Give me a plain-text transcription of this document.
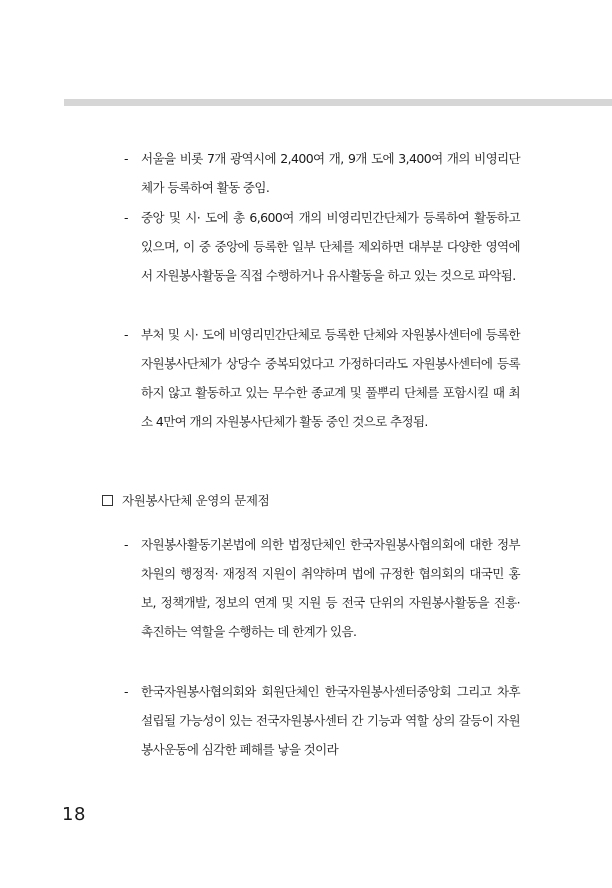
- 서울을 비롯 7개 광역시에 2,400여 개, 9개 도에 3,400여 개의 비영리단체가 등록하여 활동 중임.
- 중앙 및 시· 도에 총 6,600여 개의 비영리민간단체가 등록하여 활동하고 있으며, 이 중 중앙에 등록한 일부 단체를 제외하면 대부분 다양한 영역에서 자원봉사활동을 직접 수행하거나 유사활동을 하고 있는 것으로 파악됨.
- 부처 및 시· 도에 비영리민간단체로 등록한 단체와 자원봉사센터에 등록한 자원봉사단체가 상당수 중복되었다고 가정하더라도 자원봉사센터에 등록하지 않고 활동하고 있는 무수한 종교계 및 풀뿌리 단체를 포함시킬 때 최소 4만여 개의 자원봉사단체가 활동 중인 것으로 추정됨.
자원봉사단체 운영의 문제점
- 자원봉사활동기본법에 의한 법정단체인 한국자원봉사협의회에 대한 정부 차원의 행정적· 재정적 지원이 취약하며 법에 규정한 협의회의 대국민 홍보, 정책개발, 정보의 연계 및 지원 등 전국 단위의 자원봉사활동을 진흥· 촉진하는 역할을 수행하는 데 한계가 있음.
- 한국자원봉사협의회와 회원단체인 한국자원봉사센터중앙회 그리고 차후 설립될 가능성이 있는 전국자원봉사센터 간 기능과 역할 상의 갈등이 자원봉사운동에 심각한 폐해를 낳을 것이라
18
